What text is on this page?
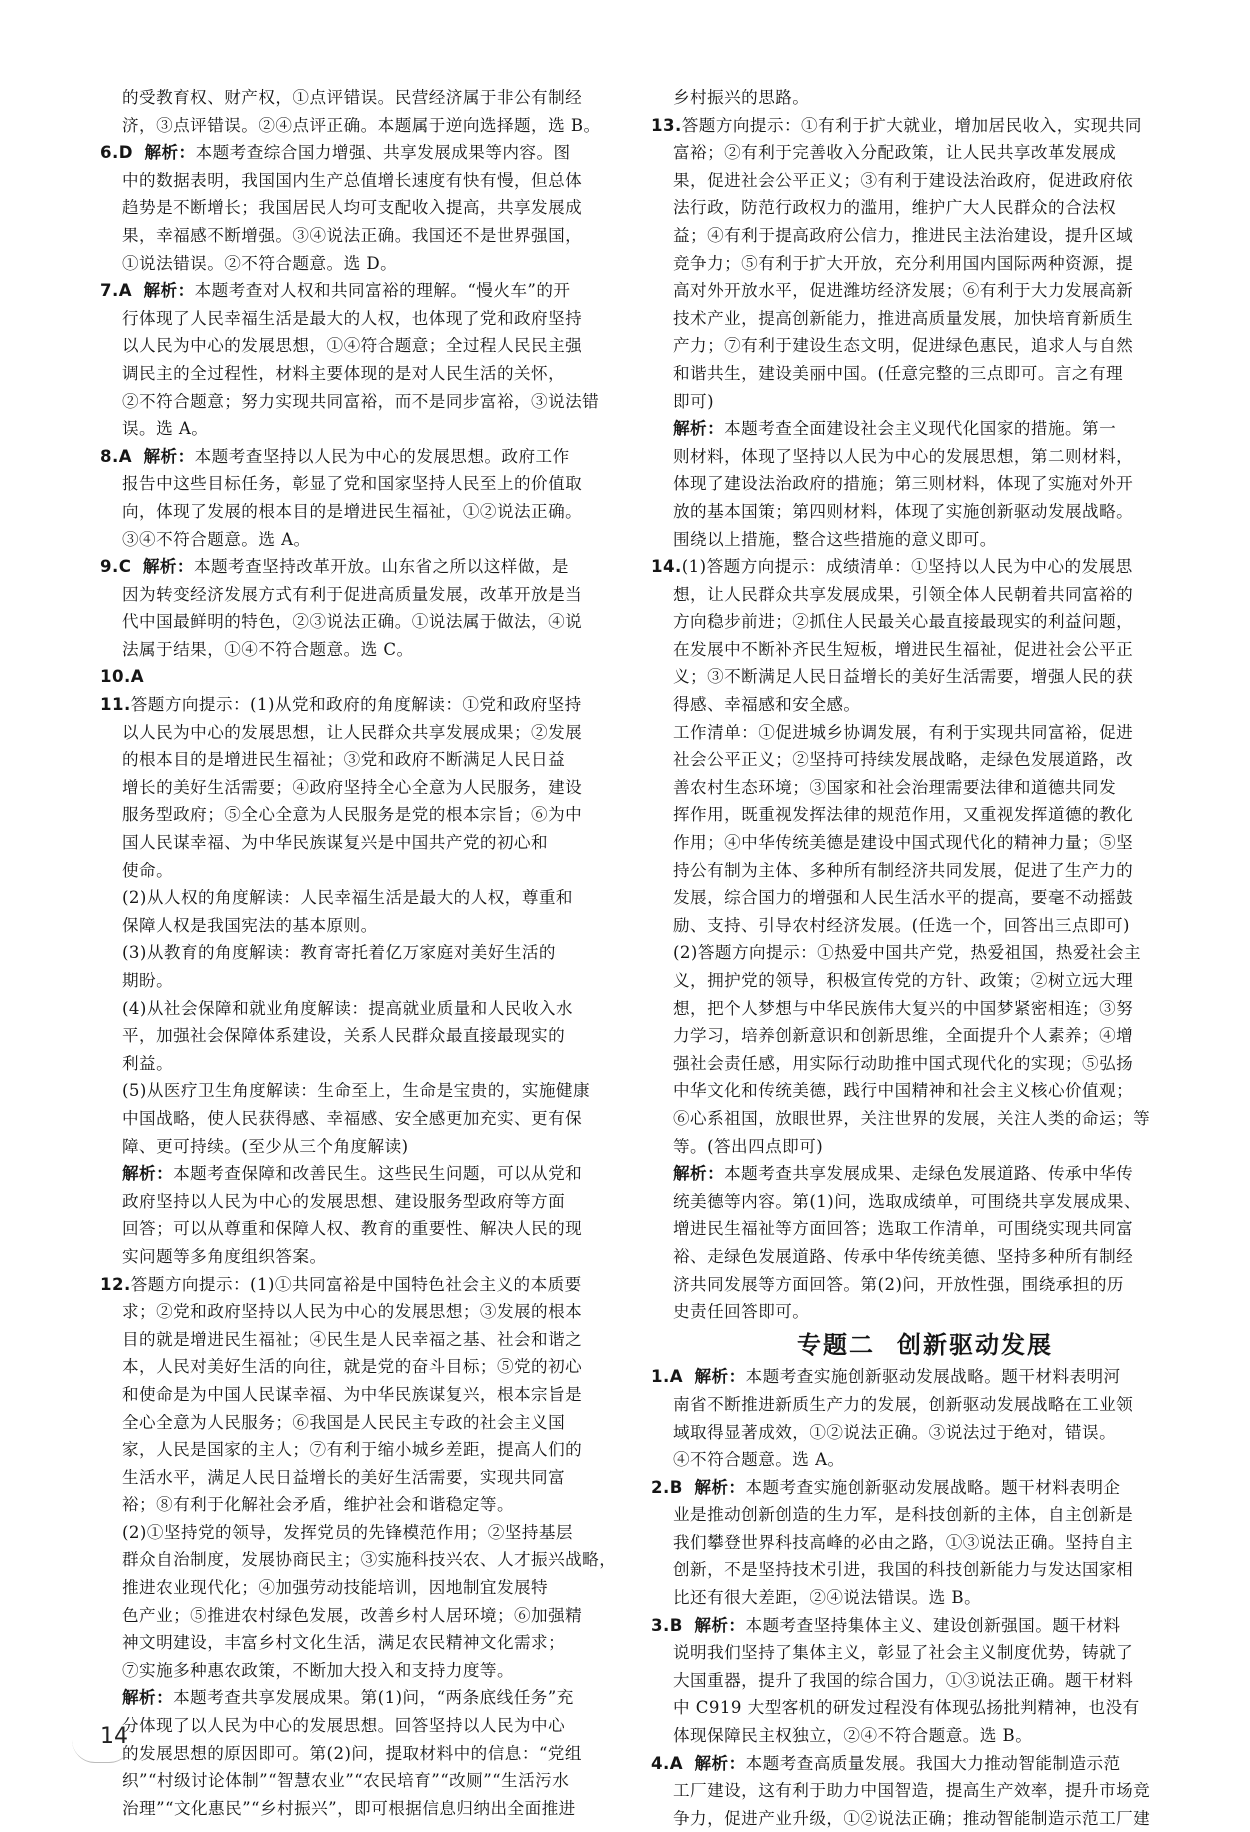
的受教育权、财产权，①点评错误。民营经济属于非公有制经

济，③点评错误。②④点评正确。本题属于逆向选择题，选 B。

6.D 解析：本题考查综合国力增强、共享发展成果等内容。图

中的数据表明，我国国内生产总值增长速度有快有慢，但总体

趋势是不断增长；我国居民人均可支配收入提高，共享发展成

果，幸福感不断增强。③④说法正确。我国还不是世界强国，

①说法错误。②不符合题意。选 D。

7.A 解析：本题考查对人权和共同富裕的理解。“慢火车”的开

行体现了人民幸福生活是最大的人权，也体现了党和政府坚持

以人民为中心的发展思想，①④符合题意；全过程人民民主强

调民主的全过程性，材料主要体现的是对人民生活的关怀，

②不符合题意；努力实现共同富裕，而不是同步富裕，③说法错

误。选 A。

8.A 解析：本题考查坚持以人民为中心的发展思想。政府工作

报告中这些目标任务，彰显了党和国家坚持人民至上的价值取

向，体现了发展的根本目的是增进民生福祉，①②说法正确。

③④不符合题意。选 A。

9.C 解析：本题考查坚持改革开放。山东省之所以这样做，是

因为转变经济发展方式有利于促进高质量发展，改革开放是当

代中国最鲜明的特色，②③说法正确。①说法属于做法，④说

法属于结果，①④不符合题意。选 C。

10.A

11.答题方向提示：(1)从党和政府的角度解读：①党和政府坚持

以人民为中心的发展思想，让人民群众共享发展成果；②发展

的根本目的是增进民生福祉；③党和政府不断满足人民日益

增长的美好生活需要；④政府坚持全心全意为人民服务，建设

服务型政府；⑤全心全意为人民服务是党的根本宗旨；⑥为中

国人民谋幸福、为中华民族谋复兴是中国共产党的初心和

使命。

(2)从人权的角度解读：人民幸福生活是最大的人权，尊重和

保障人权是我国宪法的基本原则。

(3)从教育的角度解读：教育寄托着亿万家庭对美好生活的

期盼。

(4)从社会保障和就业角度解读：提高就业质量和人民收入水

平，加强社会保障体系建设，关系人民群众最直接最现实的

利益。

(5)从医疗卫生角度解读：生命至上，生命是宝贵的，实施健康

中国战略，使人民获得感、幸福感、安全感更加充实、更有保

障、更可持续。(至少从三个角度解读)

解析：本题考查保障和改善民生。这些民生问题，可以从党和

政府坚持以人民为中心的发展思想、建设服务型政府等方面

回答；可以从尊重和保障人权、教育的重要性、解决人民的现

实问题等多角度组织答案。

12.答题方向提示：(1)①共同富裕是中国特色社会主义的本质要

求；②党和政府坚持以人民为中心的发展思想；③发展的根本

目的就是增进民生福祉；④民生是人民幸福之基、社会和谐之

本，人民对美好生活的向往，就是党的奋斗目标；⑤党的初心

和使命是为中国人民谋幸福、为中华民族谋复兴，根本宗旨是

全心全意为人民服务；⑥我国是人民民主专政的社会主义国

家，人民是国家的主人；⑦有利于缩小城乡差距，提高人们的

生活水平，满足人民日益增长的美好生活需要，实现共同富

裕；⑧有利于化解社会矛盾，维护社会和谐稳定等。

(2)①坚持党的领导，发挥党员的先锋模范作用；②坚持基层

群众自治制度，发展协商民主；③实施科技兴农、人才振兴战略，

推进农业现代化；④加强劳动技能培训，因地制宜发展特

色产业；⑤推进农村绿色发展，改善乡村人居环境；⑥加强精

神文明建设，丰富乡村文化生活，满足农民精神文化需求；

⑦实施多种惠农政策，不断加大投入和支持力度等。

解析：本题考查共享发展成果。第(1)问，“两条底线任务”充

分体现了以人民为中心的发展思想。回答坚持以人民为中心

的发展思想的原因即可。第(2)问，提取材料中的信息：“党组

织”“村级讨论体制”“智慧农业”“农民培育”“改厕”“生活污水

治理”“文化惠民”“乡村振兴”，即可根据信息归纳出全面推进

乡村振兴的思路。

13.答题方向提示：①有利于扩大就业，增加居民收入，实现共同

富裕；②有利于完善收入分配政策，让人民共享改革发展成

果，促进社会公平正义；③有利于建设法治政府，促进政府依

法行政，防范行政权力的滥用，维护广大人民群众的合法权

益；④有利于提高政府公信力，推进民主法治建设，提升区域

竞争力；⑤有利于扩大开放，充分利用国内国际两种资源，提

高对外开放水平，促进潍坊经济发展；⑥有利于大力发展高新

技术产业，提高创新能力，推进高质量发展，加快培育新质生

产力；⑦有利于建设生态文明，促进绿色惠民，追求人与自然

和谐共生，建设美丽中国。(任意完整的三点即可。言之有理

即可)

解析：本题考查全面建设社会主义现代化国家的措施。第一

则材料，体现了坚持以人民为中心的发展思想，第二则材料，

体现了建设法治政府的措施；第三则材料，体现了实施对外开

放的基本国策；第四则材料，体现了实施创新驱动发展战略。

围绕以上措施，整合这些措施的意义即可。

14.(1)答题方向提示：成绩清单：①坚持以人民为中心的发展思

想，让人民群众共享发展成果，引领全体人民朝着共同富裕的

方向稳步前进；②抓住人民最关心最直接最现实的利益问题，

在发展中不断补齐民生短板，增进民生福祉，促进社会公平正

义；③不断满足人民日益增长的美好生活需要，增强人民的获

得感、幸福感和安全感。

工作清单：①促进城乡协调发展，有利于实现共同富裕，促进

社会公平正义；②坚持可持续发展战略，走绿色发展道路，改

善农村生态环境；③国家和社会治理需要法律和道德共同发

挥作用，既重视发挥法律的规范作用，又重视发挥道德的教化

作用；④中华传统美德是建设中国式现代化的精神力量；⑤坚

持公有制为主体、多种所有制经济共同发展，促进了生产力的

发展，综合国力的增强和人民生活水平的提高，要毫不动摇鼓

励、支持、引导农村经济发展。(任选一个，回答出三点即可)

(2)答题方向提示：①热爱中国共产党，热爱祖国，热爱社会主

义，拥护党的领导，积极宣传党的方针、政策；②树立远大理

想，把个人梦想与中华民族伟大复兴的中国梦紧密相连；③努

力学习，培养创新意识和创新思维，全面提升个人素养；④增

强社会责任感，用实际行动助推中国式现代化的实现；⑤弘扬

中华文化和传统美德，践行中国精神和社会主义核心价值观；

⑥心系祖国，放眼世界，关注世界的发展，关注人类的命运；等

等。(答出四点即可)

解析：本题考查共享发展成果、走绿色发展道路、传承中华传

统美德等内容。第(1)问，选取成绩单，可围绕共享发展成果、

增进民生福祉等方面回答；选取工作清单，可围绕实现共同富

裕、走绿色发展道路、传承中华传统美德、坚持多种所有制经

济共同发展等方面回答。第(2)问，开放性强，围绕承担的历

史责任回答即可。

专题二 创新驱动发展

1.A 解析：本题考查实施创新驱动发展战略。题干材料表明河

南省不断推进新质生产力的发展，创新驱动发展战略在工业领

域取得显著成效，①②说法正确。③说法过于绝对，错误。

④不符合题意。选 A。

2.B 解析：本题考查实施创新驱动发展战略。题干材料表明企

业是推动创新创造的生力军，是科技创新的主体，自主创新是

我们攀登世界科技高峰的必由之路，①③说法正确。坚持自主

创新，不是坚持技术引进，我国的科技创新能力与发达国家相

比还有很大差距，②④说法错误。选 B。

3.B 解析：本题考查坚持集体主义、建设创新强国。题干材料

说明我们坚持了集体主义，彰显了社会主义制度优势，铸就了

大国重器，提升了我国的综合国力，①③说法正确。题干材料

中 C919 大型客机的研发过程没有体现弘扬批判精神，也没有

体现保障民主权独立，②④不符合题意。选 B。

4.A 解析：本题考查高质量发展。我国大力推动智能制造示范

工厂建设，这有利于助力中国智造，提高生产效率，提升市场竞

争力，促进产业升级，①②说法正确；推动智能制造示范工厂建

14
